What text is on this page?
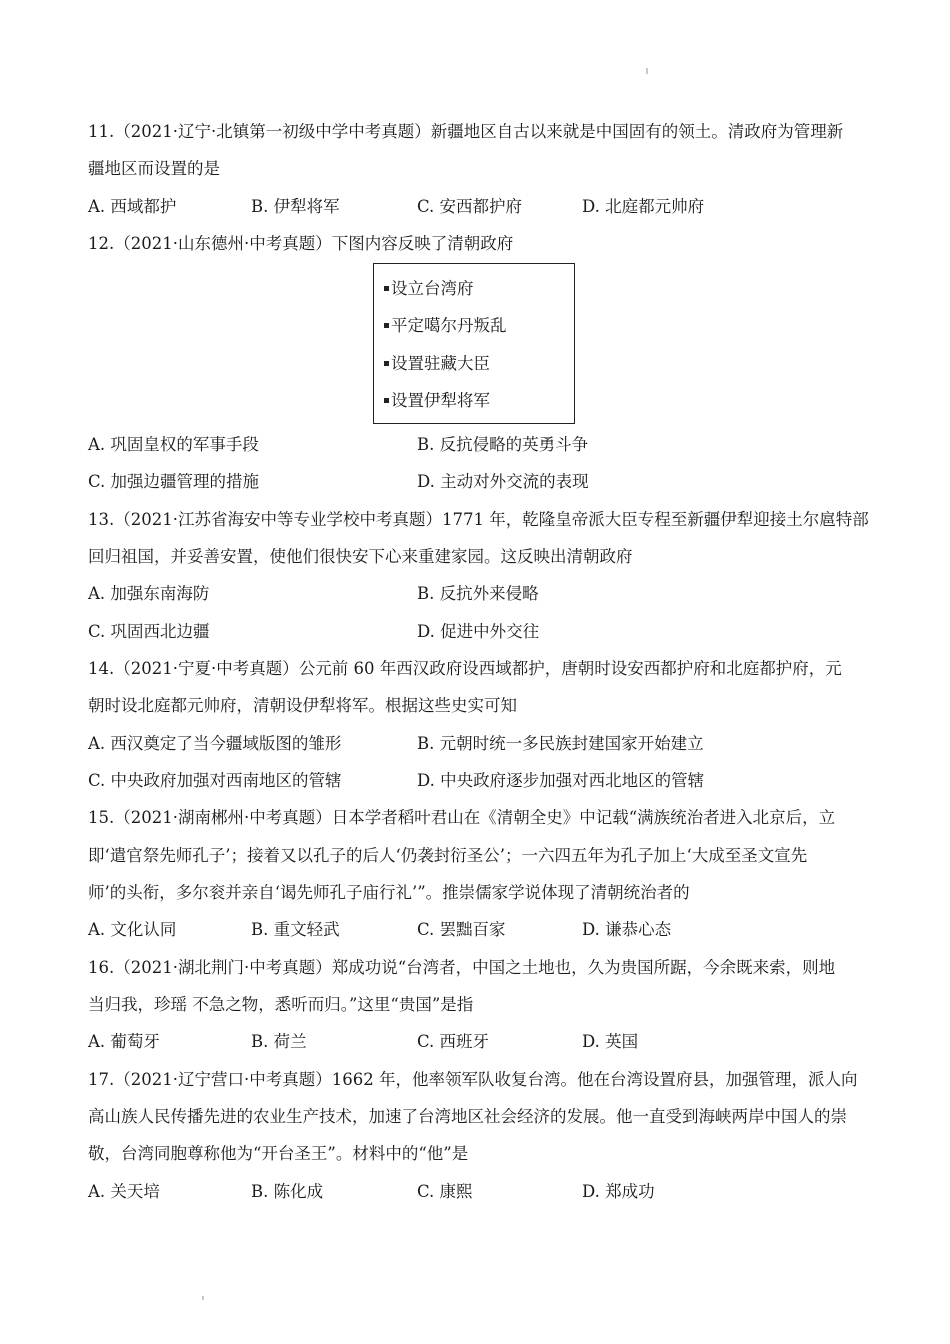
11.（2021·辽宁·北镇第一初级中学中考真题）新疆地区自古以来就是中国固有的领土。清政府为管理新
疆地区而设置的是
A. 西域都护	B. 伊犁将军	C. 安西都护府	D. 北庭都元帅府
12.（2021·山东德州·中考真题）下图内容反映了清朝政府
设立台湾府
平定噶尔丹叛乱
设置驻藏大臣
设置伊犁将军
A. 巩固皇权的军事手段	B. 反抗侵略的英勇斗争
C. 加强边疆管理的措施	D. 主动对外交流的表现
13.（2021·江苏省海安中等专业学校中考真题）1771 年，乾隆皇帝派大臣专程至新疆伊犁迎接土尔扈特部
回归祖国，并妥善安置，使他们很快安下心来重建家园。这反映出清朝政府
A. 加强东南海防	B. 反抗外来侵略
C. 巩固西北边疆	D. 促进中外交往
14.（2021·宁夏·中考真题）公元前 60 年西汉政府设西域都护，唐朝时设安西都护府和北庭都护府，元
朝时设北庭都元帅府，清朝设伊犁将军。根据这些史实可知
A. 西汉奠定了当今疆域版图的雏形	B. 元朝时统一多民族封建国家开始建立
C. 中央政府加强对西南地区的管辖	D. 中央政府逐步加强对西北地区的管辖
15.（2021·湖南郴州·中考真题）日本学者稻叶君山在《清朝全史》中记载“满族统治者进入北京后，立
即‘遣官祭先师孔子’；接着又以孔子的后人‘仍袭封衍圣公’；一六四五年为孔子加上‘大成至圣文宣先
师’的头衔，多尔衮并亲自‘谒先师孔子庙行礼’”。推崇儒家学说体现了清朝统治者的
A. 文化认同	B. 重文轻武	C. 罢黜百家	D. 谦恭心态
16.（2021·湖北荆门·中考真题）郑成功说“台湾者，中国之土地也，久为贵国所踞，今余既来索，则地
当归我，珍瑶 不急之物，悉听而归。”这里“贵国”是指
A. 葡萄牙	B. 荷兰	C. 西班牙	D. 英国
17.（2021·辽宁营口·中考真题）1662 年，他率领军队收复台湾。他在台湾设置府县，加强管理，派人向
高山族人民传播先进的农业生产技术，加速了台湾地区社会经济的发展。他一直受到海峡两岸中国人的崇
敬，台湾同胞尊称他为“开台圣王”。材料中的“他”是
A. 关天培	B. 陈化成	C. 康熙	D. 郑成功
